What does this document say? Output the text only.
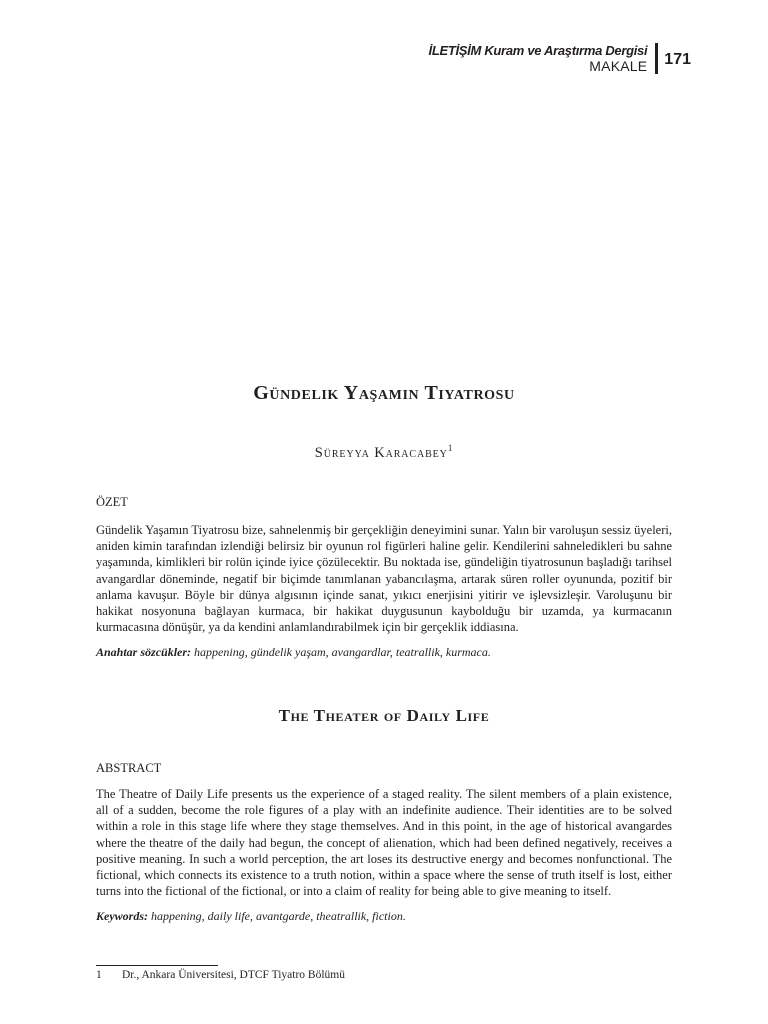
İLETİŞİM Kuram ve Araştırma Dergisi
MAKALE	171
Gündelik Yaşamın Tiyatrosu

Süreyya Karacabey$^1$

ÖZET

Gündelik Yaşamın Tiyatrosu bize, sahnelenmiş bir gerçekliğin deneyimini sunar. Yalın bir varoluşun sessiz üyeleri, aniden kimin tarafından izlendiği belirsiz bir oyunun rol figürleri haline gelir. Kendilerini sahneledikleri bu sahne yaşamında, kimlikleri bir rolün içinde iyice çözülecektir. Bu noktada ise, gündeliğin tiyatrosunun başladığı tarihsel avangardlar döneminde, negatif bir biçimde tanımlanan yabancılaşma, artarak süren roller oyununda, pozitif bir anlama kavuşur. Böyle bir dünya algısının içinde sanat, yıkıcı enerjisini yitirir ve işlevsizleşir. Varoluşunu bir hakikat nosyonuna bağlayan kurmaca, bir hakikat duygusunun kaybolduğu bir uzamda, ya kurmacanın kurmacasına dönüşür, ya da kendini anlamlandırabilmek için bir gerçeklik iddiasına.

Anahtar sözcükler: happening, gündelik yaşam, avangardlar, teatrallik, kurmaca.

The Theater of Daily Life

ABSTRACT

The Theatre of Daily Life presents us the experience of a staged reality. The silent members of a plain existence, all of a sudden, become the role figures of a play with an indefinite audience. Their identities are to be solved within a role in this stage life where they stage themselves. And in this point, in the age of historical avangardes where the theatre of the daily had begun, the concept of alienation, which had been defined negatively, receives a positive meaning. In such a world perception, the art loses its destructive energy and becomes nonfunctional. The fictional, which connects its existence to a truth notion, within a space where the sense of truth itself is lost, either turns into the fictional of the fictional, or into a claim of reality for being able to give meaning to itself.

Keywords: happening, daily life, avantgarde, theatrallik, fiction.

1 Dr., Ankara Üniversitesi, DTCF Tiyatro Bölümü
